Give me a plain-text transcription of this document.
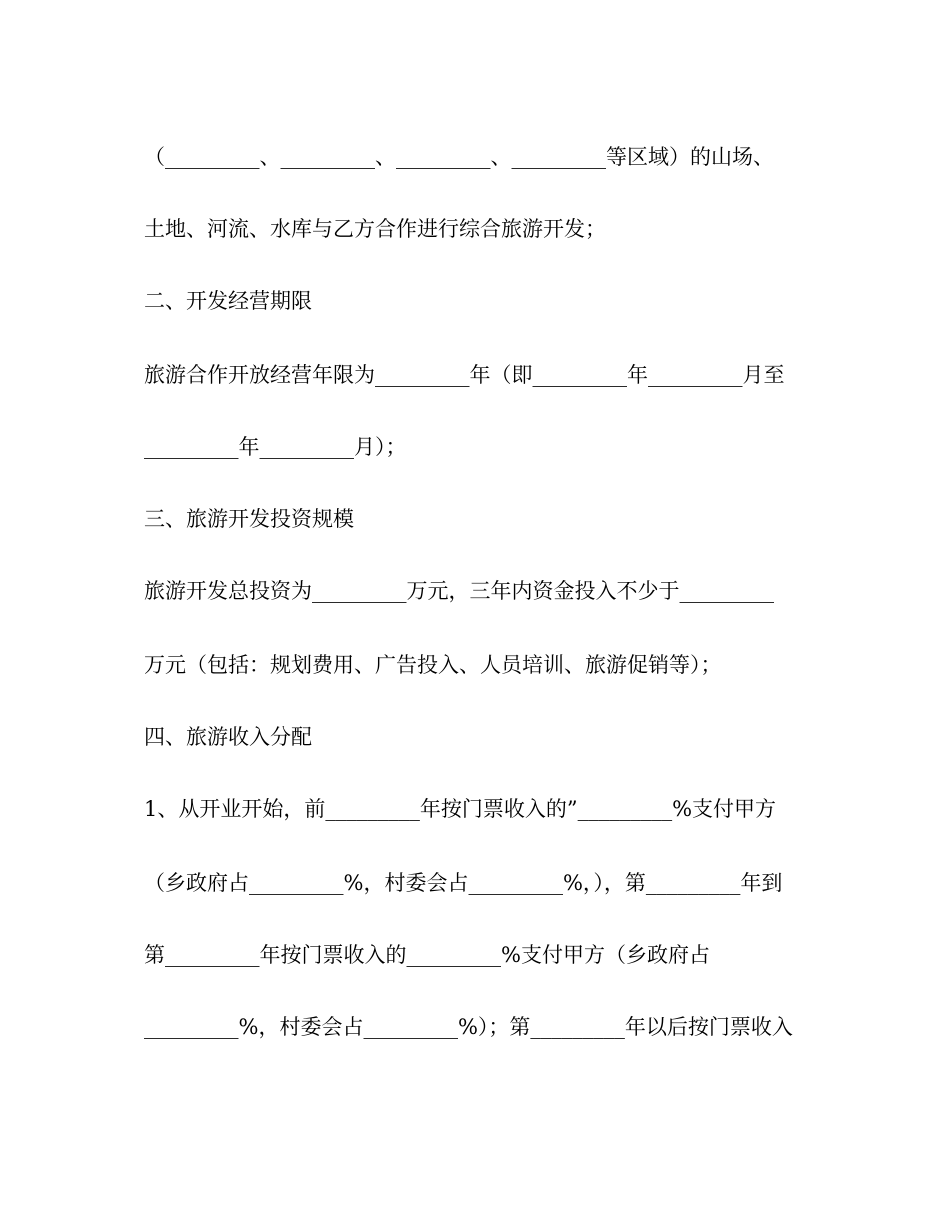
（_________、_________、_________、_________等区域）的山场、
土地、河流、水库与乙方合作进行综合旅游开发；
二、开发经营期限
旅游合作开放经营年限为_________年（即_________年_________月至
_________年_________月）；
三、旅游开发投资规模
旅游开发总投资为_________万元，三年内资金投入不少于_________
万元（包括：规划费用、广告投入、人员培训、旅游促销等）；
四、旅游收入分配
1、从开业开始，前_________年按门票收入的”_________%支付甲方
（乡政府占_________%，村委会占_________%，），第_________年到
第_________年按门票收入的_________%支付甲方（乡政府占
_________%，村委会占_________%）；第_________年以后按门票收入
